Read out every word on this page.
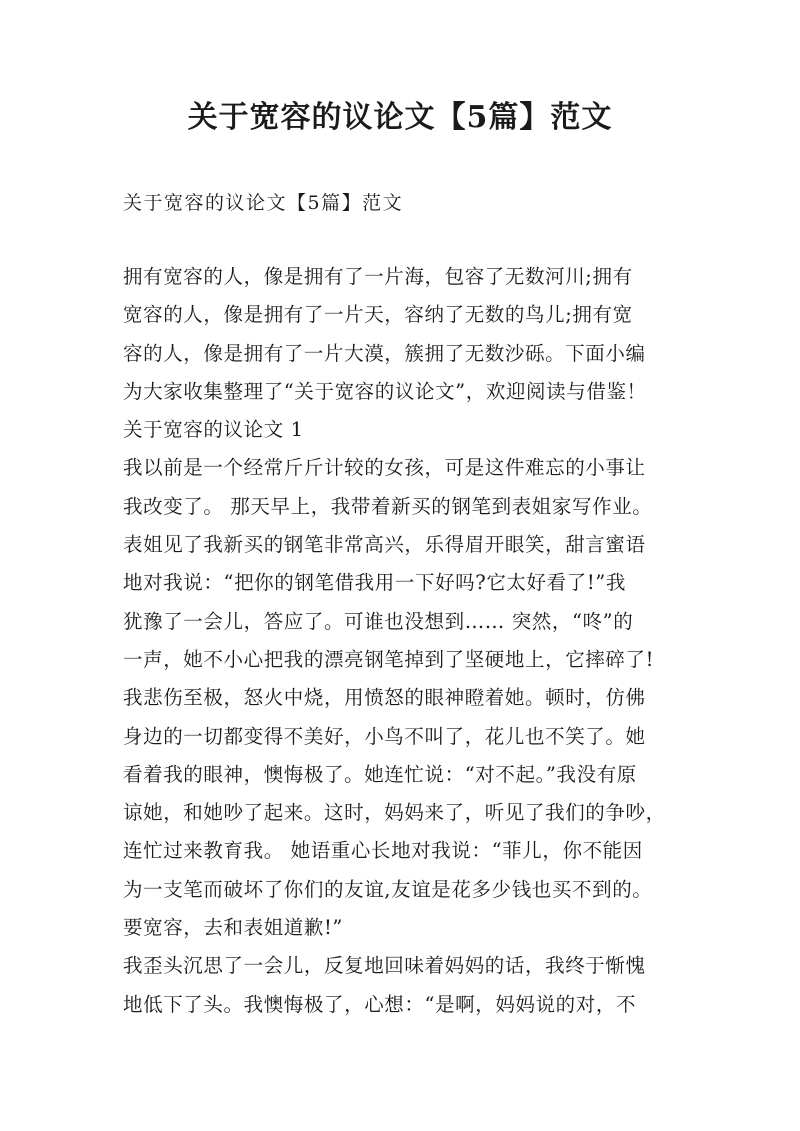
关于宽容的议论文【5篇】范文

关于宽容的议论文【5篇】范文

拥有宽容的人，像是拥有了一片海，包容了无数河川;拥有
宽容的人，像是拥有了一片天，容纳了无数的鸟儿;拥有宽
容的人，像是拥有了一片大漠，簇拥了无数沙砾。下面小编
为大家收集整理了“关于宽容的议论文”，欢迎阅读与借鉴！
关于宽容的议论文 1
我以前是一个经常斤斤计较的女孩，可是这件难忘的小事让
我改变了。 那天早上，我带着新买的钢笔到表姐家写作业。
表姐见了我新买的钢笔非常高兴，乐得眉开眼笑，甜言蜜语
地对我说：“把你的钢笔借我用一下好吗?它太好看了!”我
犹豫了一会儿，答应了。可谁也没想到…… 突然，“咚”的
一声，她不小心把我的漂亮钢笔掉到了坚硬地上，它摔碎了!
我悲伤至极，怒火中烧，用愤怒的眼神瞪着她。顿时，仿佛
身边的一切都变得不美好，小鸟不叫了，花儿也不笑了。她
看着我的眼神，懊悔极了。她连忙说：“对不起。”我没有原
谅她，和她吵了起来。这时，妈妈来了，听见了我们的争吵，
连忙过来教育我。 她语重心长地对我说：“菲儿，你不能因
为一支笔而破坏了你们的友谊,友谊是花多少钱也买不到的。
要宽容，去和表姐道歉!”
我歪头沉思了一会儿，反复地回味着妈妈的话，我终于惭愧
地低下了头。我懊悔极了，心想：“是啊，妈妈说的对，不
